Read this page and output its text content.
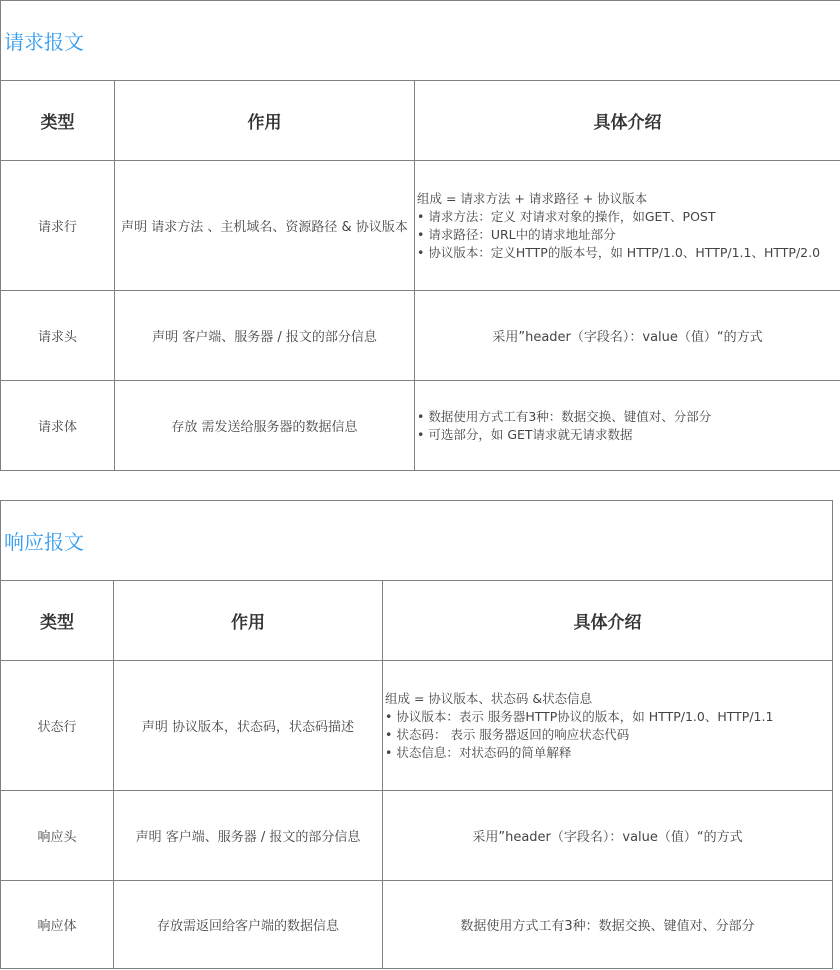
请求报文		
类型	作用	具体介绍
请求行	声明 请求方法 、主机域名、资源路径 & 协议版本	组成 = 请求方法 + 请求路径 + 协议版本
• 请求方法：定义 对请求对象的操作，如GET、POST
• 请求路径：URL中的请求地址部分
• 协议版本：定义HTTP的版本号，如 HTTP/1.0、HTTP/1.1、HTTP/2.0

请求头	声明 客户端、服务器 / 报文的部分信息	采用”header（字段名）：value（值）“的方式
请求体	存放 需发送给服务器的数据信息	• 数据使用方式工有3种：数据交换、键值对、分部分
• 可选部分，如 GET请求就无请求数据
响应报文		
类型	作用	具体介绍
状态行	声明 协议版本，状态码，状态码描述	组成 = 协议版本、状态码 &状态信息
• 协议版本：表示 服务器HTTP协议的版本，如 HTTP/1.0、HTTP/1.1
• 状态码： 表示 服务器返回的响应状态代码
• 状态信息：对状态码的简单解释

响应头	声明 客户端、服务器 / 报文的部分信息	采用”header（字段名）：value（值）“的方式
响应体	存放需返回给客户端的数据信息	数据使用方式工有3种：数据交换、键值对、分部分
